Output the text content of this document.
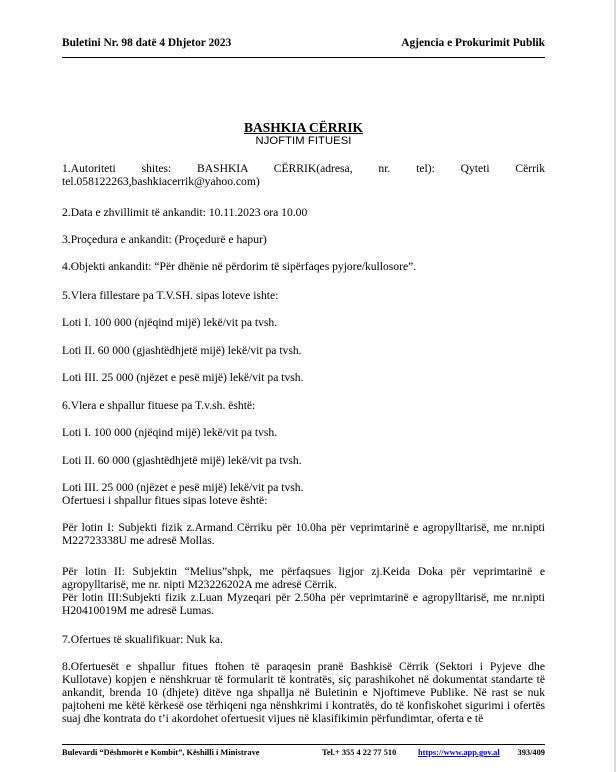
Buletini Nr. 98 datë 4 Dhjetor 2023	Agjencia e Prokurimit Publik
BASHKIA CËRRIK
NJOFTIM FITUESI

1.Autoriteti shites: BASHKIA CËRRIK(adresa, nr. tel): Qyteti Cërrik tel.058122263,bashkiacerrik@yahoo.com)

2.Data e zhvillimit të ankandit: 10.11.2023 ora 10.00

3.Proçedura e ankandit: (Proçedurë e hapur)

4.Objekti ankandit: “Për dhënie në përdorim të sipërfaqes pyjore/kullosore”.

5.Vlera fillestare pa T.V.SH. sipas loteve ishte:

Loti I. 100 000 (njëqind mijë) lekë/vit pa tvsh.

Loti II. 60 000 (gjashtëdhjetë mijë) lekë/vit pa tvsh.

Loti III. 25 000 (njëzet e pesë mijë) lekë/vit pa tvsh.

6.Vlera e shpallur fituese pa T.v.sh. është:

Loti I. 100 000 (njëqind mijë) lekë/vit pa tvsh.

Loti II. 60 000 (gjashtëdhjetë mijë) lekë/vit pa tvsh.

Loti III. 25 000 (njëzet e pesë mijë) lekë/vit pa tvsh.

Ofertuesi i shpallur fitues sipas loteve është:

Për lotin I: Subjekti fizik z.Armand Cërriku për 10.0ha për veprimtarinë e agropylltarisë, me nr.nipti M22723338U me adresë Mollas.

Për lotin II: Subjektin “Melius”shpk, me përfaqsues ligjor zj.Keida Doka për veprimtarinë e agropylltarisë, me nr. nipti M23226202A me adresë Cërrik.

Për lotin III:Subjekti fizik z.Luan Myzeqari për 2.50ha për veprimtarinë e agropylltarisë, me nr.nipti H20410019M me adresë Lumas.

7.Ofertues të skualifikuar: Nuk ka.

8.Ofertuesët e shpallur fitues ftohen të paraqesin pranë Bashkisë Cërrik (Sektori i Pyjeve dhe Kullotave) kopjen e nënshkruar të formularit të kontratës, siç parashikohet në dokumentat standarte të ankandit, brenda 10 (dhjete) ditëve nga shpallja në Buletinin e Njoftimeve Publike. Në rast se nuk pajtoheni me këtë kërkesë ose tërhiqeni nga nënshkrimi i kontratës, do të konfiskohet sigurimi i ofertës suaj dhe kontrata do t’i akordohet ofertuesit vijues në klasifikimin përfundimtar, oferta e të

Bulevardi “Dëshmorët e Kombit”, Këshilli i Ministrave	Tel.+ 355 4 22 77 510	https://www.app.gov.al 393/409
